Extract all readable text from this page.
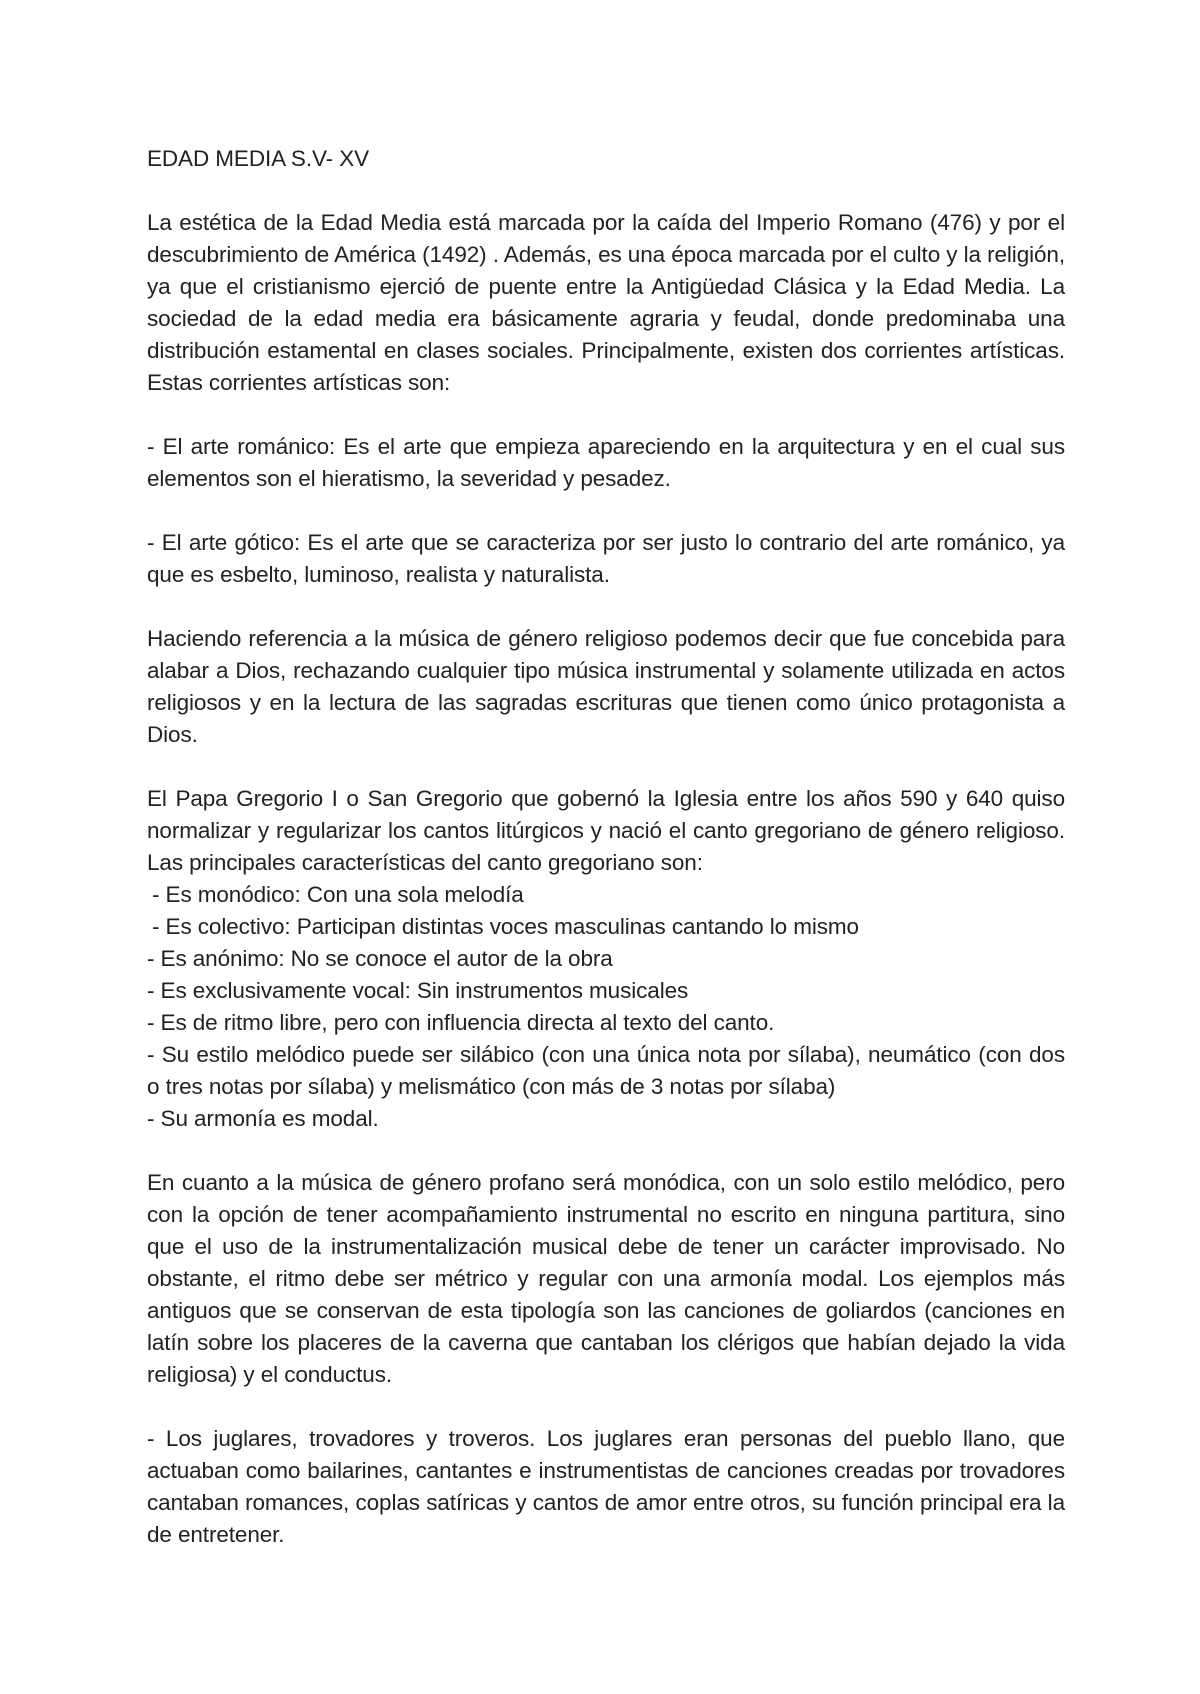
EDAD MEDIA S.V- XV

La estética de la Edad Media está marcada por la caída del Imperio Romano (476) y por el descubrimiento de América (1492) . Además, es una época marcada por el culto y la religión, ya que el cristianismo ejerció de puente entre la Antigüedad Clásica y la Edad Media. La sociedad de la edad media era básicamente agraria y feudal, donde predominaba una distribución estamental en clases sociales. Principalmente, existen dos corrientes artísticas. Estas corrientes artísticas son:

- El arte románico: Es el arte que empieza apareciendo en la arquitectura y en el cual sus elementos son el hieratismo, la severidad y pesadez.

- El arte gótico: Es el arte que se caracteriza por ser justo lo contrario del arte románico, ya que es esbelto, luminoso, realista y naturalista.

Haciendo referencia a la música de género religioso podemos decir que fue concebida para alabar a Dios, rechazando cualquier tipo música instrumental y solamente utilizada en actos religiosos y en la lectura de las sagradas escrituras que tienen como único protagonista a Dios.

El Papa Gregorio I o San Gregorio que gobernó la Iglesia entre los años 590 y 640 quiso normalizar y regularizar los cantos litúrgicos y nació el canto gregoriano de género religioso. Las principales características del canto gregoriano son:
- Es monódico: Con una sola melodía
- Es colectivo: Participan distintas voces masculinas cantando lo mismo
- Es anónimo: No se conoce el autor de la obra
- Es exclusivamente vocal: Sin instrumentos musicales
- Es de ritmo libre, pero con influencia directa al texto del canto.
- Su estilo melódico puede ser silábico (con una única nota por sílaba), neumático (con dos o tres notas por sílaba) y melismático (con más de 3 notas por sílaba)
- Su armonía es modal.

En cuanto a la música de género profano será monódica, con un solo estilo melódico, pero con la opción de tener acompañamiento instrumental no escrito en ninguna partitura, sino que el uso de la instrumentalización musical debe de tener un carácter improvisado. No obstante, el ritmo debe ser métrico y regular con una armonía modal. Los ejemplos más antiguos que se conservan de esta tipología son las canciones de goliardos (canciones en latín sobre los placeres de la caverna que cantaban los clérigos que habían dejado la vida religiosa) y el conductus.

- Los juglares, trovadores y troveros. Los juglares eran personas del pueblo llano, que actuaban como bailarines, cantantes e instrumentistas de canciones creadas por trovadores cantaban romances, coplas satíricas y cantos de amor entre otros, su función principal era la de entretener.
